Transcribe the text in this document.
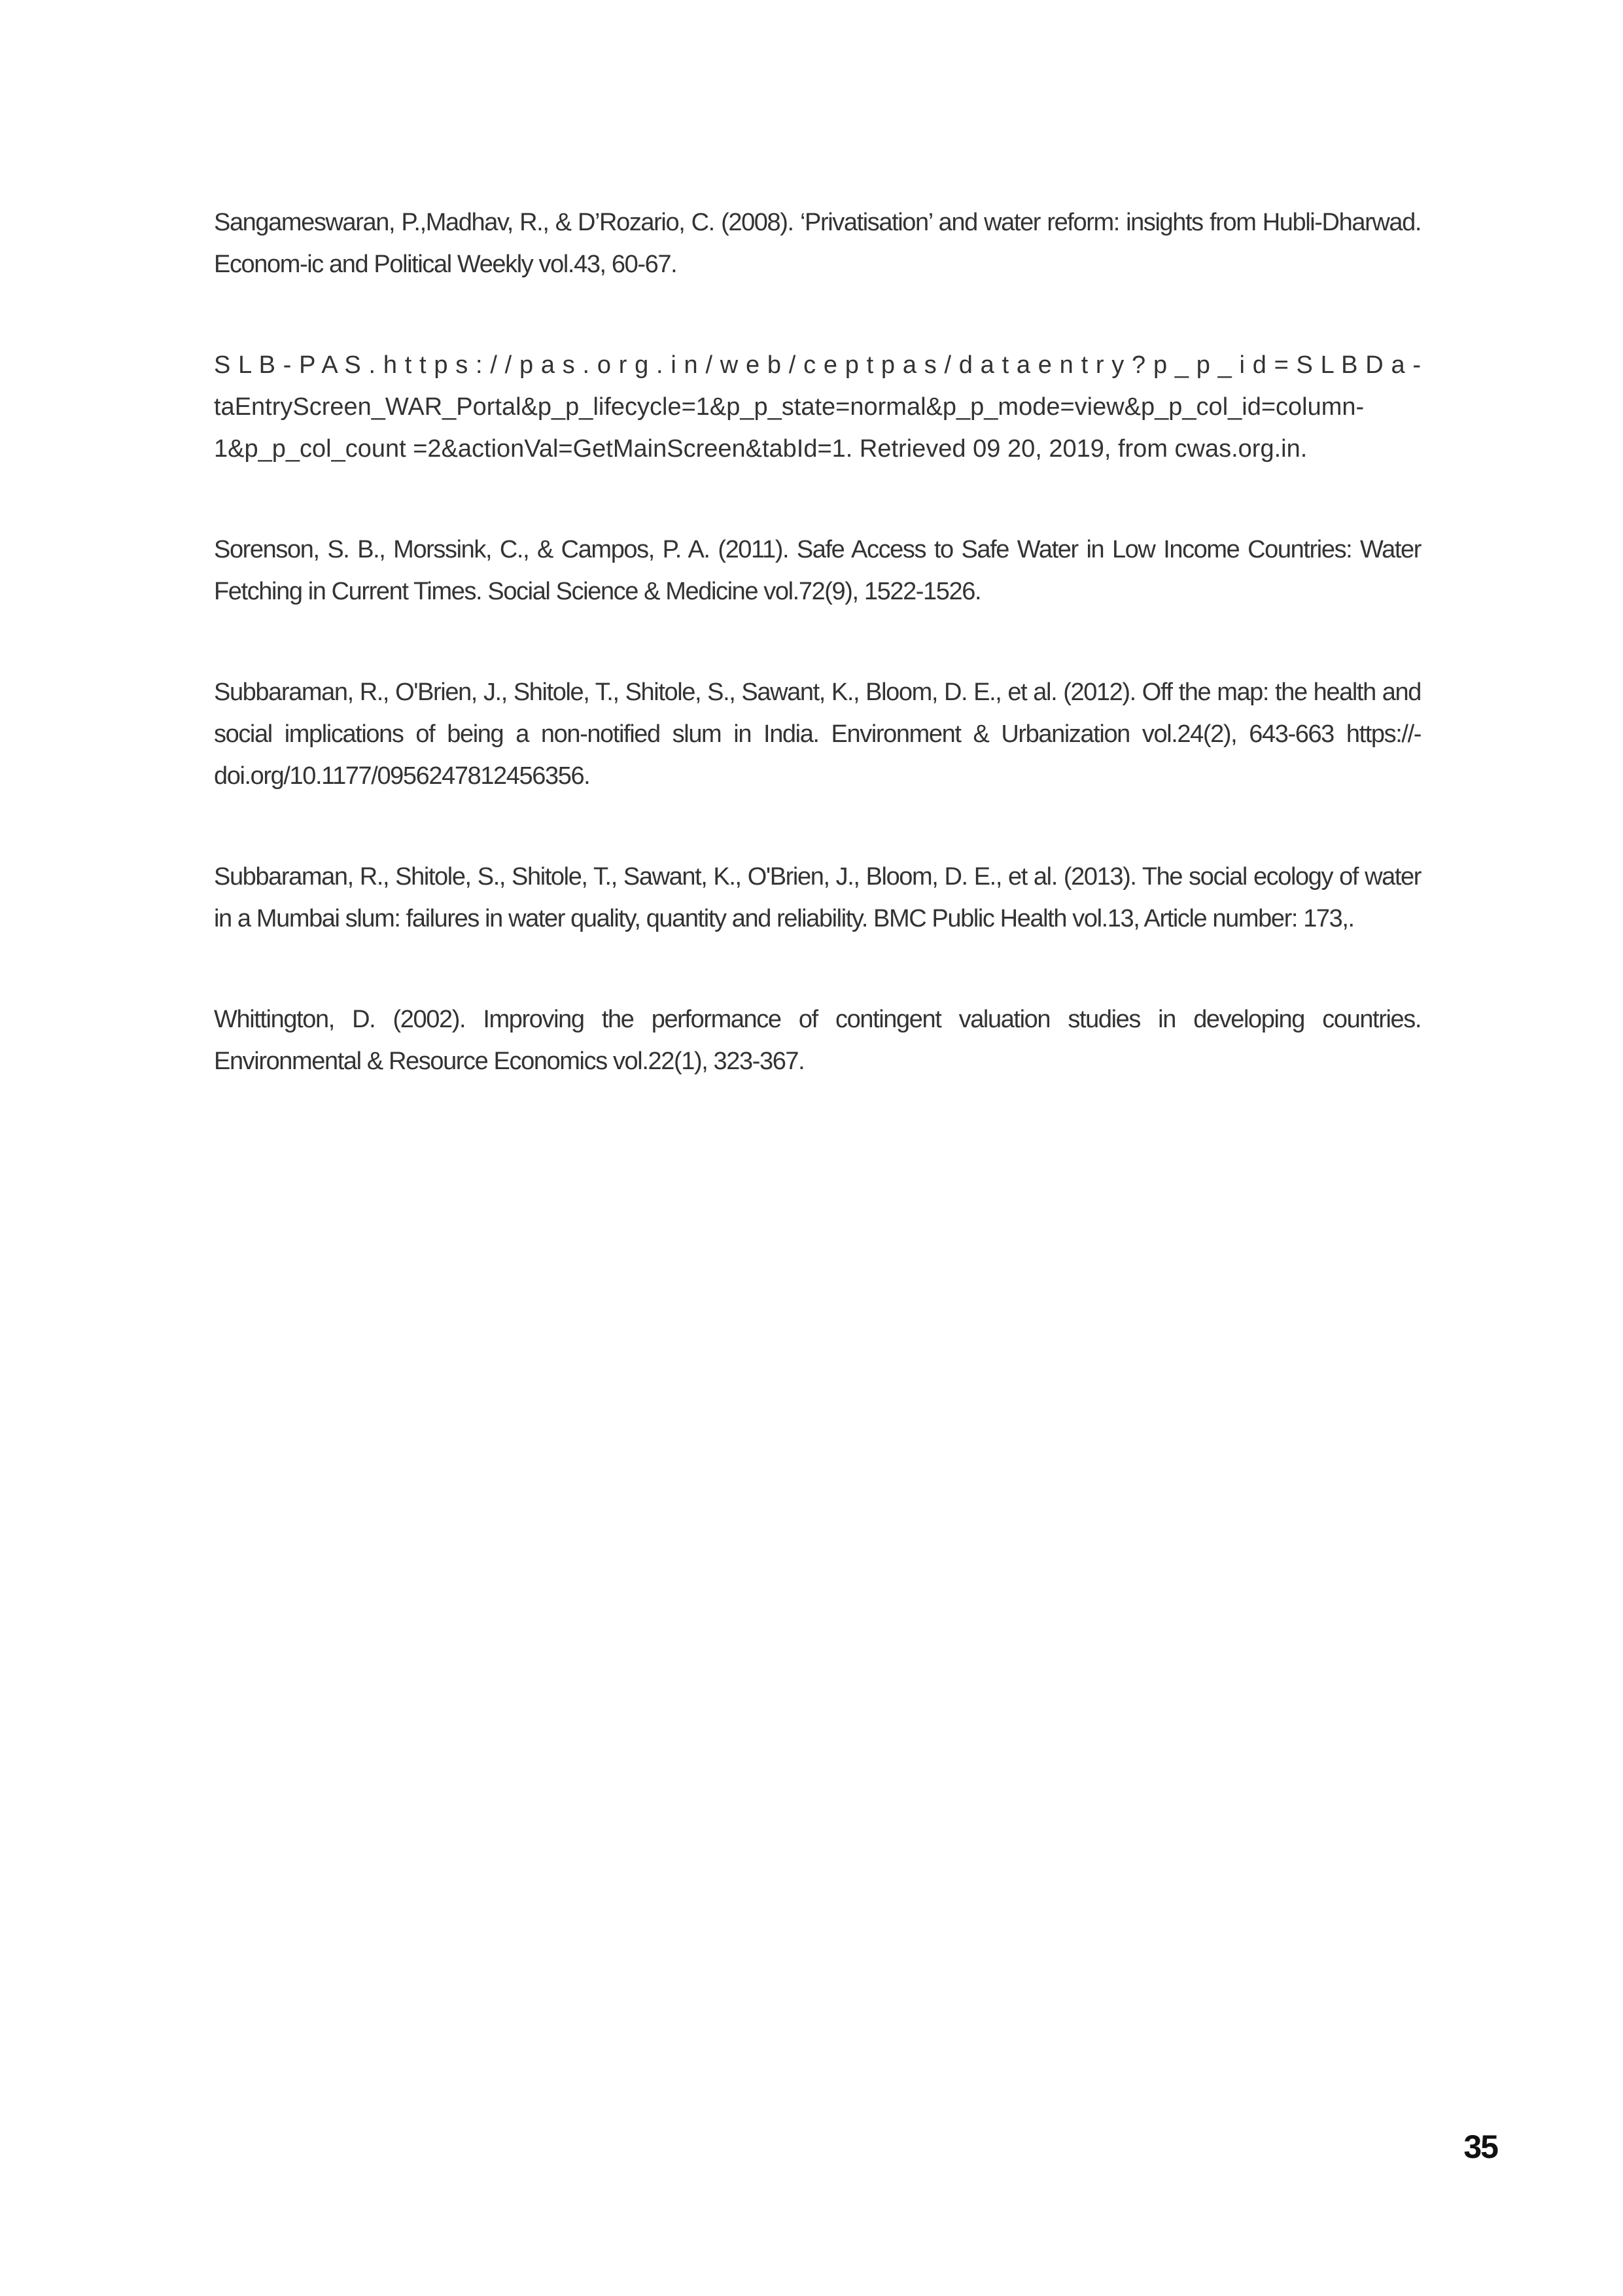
Sangameswaran, P.,Madhav, R., & D’Rozario, C. (2008). ‘Privatisation’ and water reform: insights from Hubli-Dharwad. Econom-ic and Political Weekly vol.43, 60-67.

S L B - P A S . h t t p s : / / p a s . o r g . i n / w e b / c e p t p a s / d a t a e n t r y ? p _ p _ i d = S L B D a - taEntryScreen_WAR_Portal&p_p_lifecycle=1&p_p_state=normal&p_p_mode=view&p_p_col_id=column-1&p_p_col_count =2&actionVal=GetMainScreen&tabId=1. Retrieved 09 20, 2019, from cwas.org.in.

Sorenson, S. B., Morssink, C., & Campos, P. A. (2011). Safe Access to Safe Water in Low Income Countries: Water Fetching in Current Times. Social Science & Medicine vol.72(9), 1522-1526.

Subbaraman, R., O'Brien, J., Shitole, T., Shitole, S., Sawant, K., Bloom, D. E., et al. (2012). Off the map: the health and social implications of being a non-notified slum in India. Environment & Urbanization vol.24(2), 643-663 https://-doi.org/10.1177/0956247812456356.

Subbaraman, R., Shitole, S., Shitole, T., Sawant, K., O'Brien, J., Bloom, D. E., et al. (2013). The social ecology of water in a Mumbai slum: failures in water quality, quantity and reliability. BMC Public Health vol.13, Article number: 173,.

Whittington, D. (2002). Improving the performance of contingent valuation studies in developing countries. Environmental & Resource Economics vol.22(1), 323-367.

35
